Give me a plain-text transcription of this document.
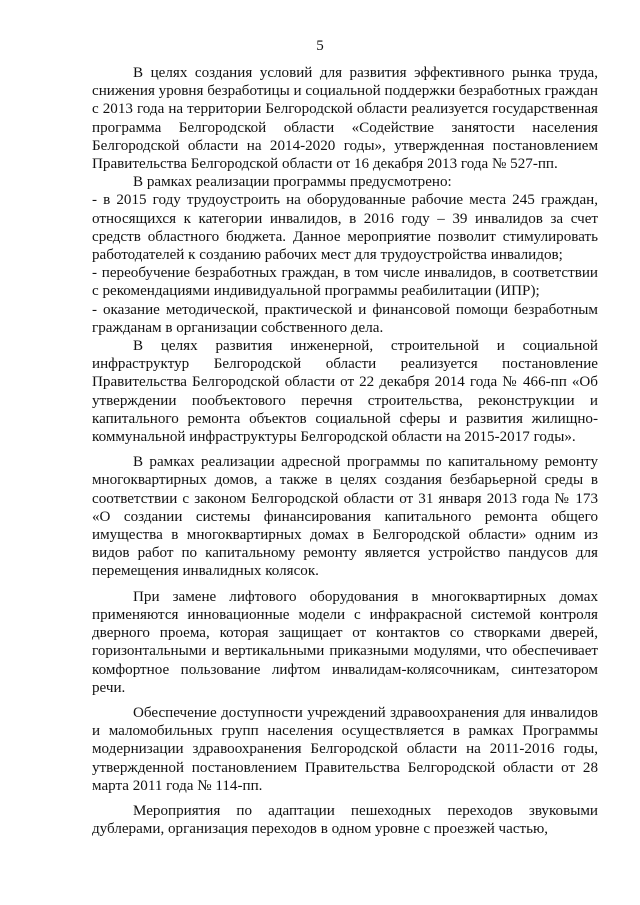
5

В целях создания условий для развития эффективного рынка труда, снижения уровня безработицы и социальной поддержки безработных граждан с 2013 года на территории Белгородской области реализуется государственная программа Белгородской области «Содействие занятости населения Белгородской области на 2014-2020 годы», утвержденная постановлением Правительства Белгородской области от 16 декабря 2013 года № 527-пп.

В рамках реализации программы предусмотрено:

- в 2015 году трудоустроить на оборудованные рабочие места 245 граждан, относящихся к категории инвалидов, в 2016 году – 39 инвалидов за счет средств областного бюджета. Данное мероприятие позволит стимулировать работодателей к созданию рабочих мест для трудоустройства инвалидов;

- переобучение безработных граждан, в том числе инвалидов, в соответствии с рекомендациями индивидуальной программы реабилитации (ИПР);

- оказание методической, практической и финансовой помощи безработным гражданам в организации собственного дела.

В целях развития инженерной, строительной и социальной инфраструктур Белгородской области реализуется постановление Правительства Белгородской области от 22 декабря 2014 года № 466-пп «Об утверждении пообъектового перечня строительства, реконструкции и капитального ремонта объектов социальной сферы и развития жилищно-коммунальной инфраструктуры Белгородской области на 2015-2017 годы».

В рамках реализации адресной программы по капитальному ремонту многоквартирных домов, а также в целях создания безбарьерной среды в соответствии с законом Белгородской области от 31 января 2013 года № 173 «О создании системы финансирования капитального ремонта общего имущества в многоквартирных домах в Белгородской области» одним из видов работ по капитальному ремонту является устройство пандусов для перемещения инвалидных колясок.

При замене лифтового оборудования в многоквартирных домах применяются инновационные модели с инфракрасной системой контроля дверного проема, которая защищает от контактов со створками дверей, горизонтальными и вертикальными приказными модулями, что обеспечивает комфортное пользование лифтом инвалидам-колясочникам, синтезатором речи.

Обеспечение доступности учреждений здравоохранения для инвалидов и маломобильных групп населения осуществляется в рамках Программы модернизации здравоохранения Белгородской области на 2011-2016 годы, утвержденной постановлением Правительства Белгородской области от 28 марта 2011 года № 114-пп.

Мероприятия по адаптации пешеходных переходов звуковыми дублерами, организация переходов в одном уровне с проезжей частью,
